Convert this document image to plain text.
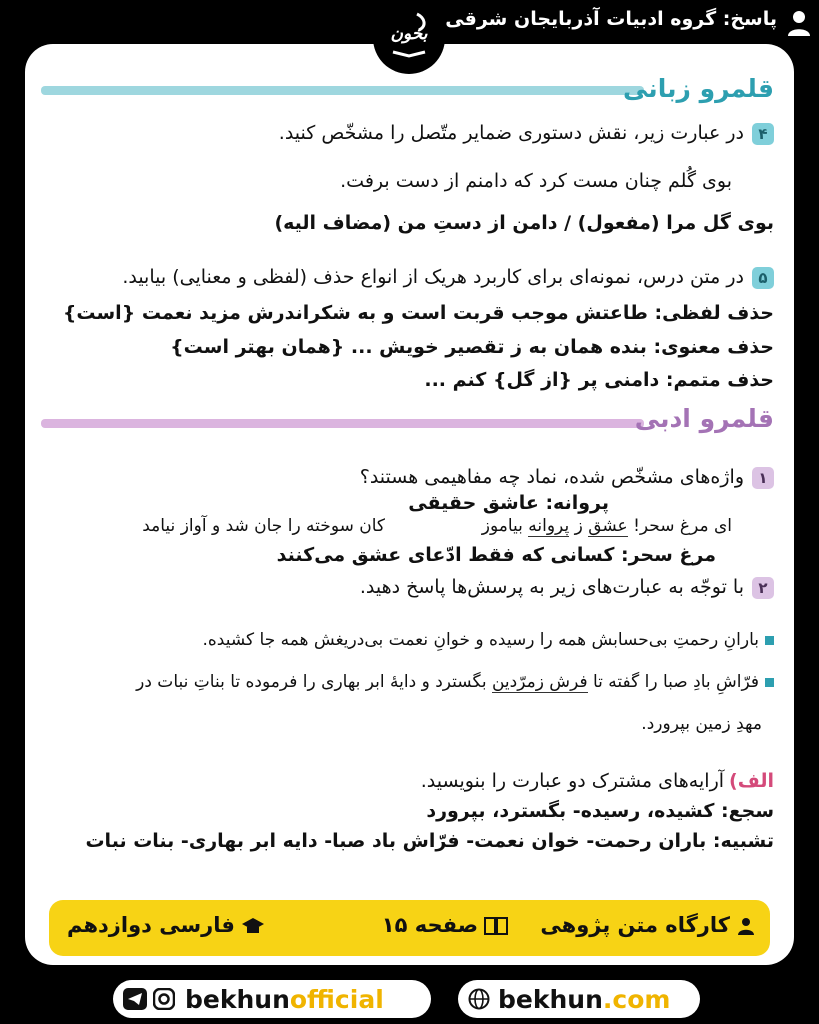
پاسخ: گروه ادبیات آذربایجان شرقی
بخون
قلمرو زبانی
۴در عبارت زیر، نقش دستوری ضمایر متّصل را مشخّص کنید.
بوی گُلم چنان مست کرد که دامنم از دست برفت.
بوی گل مرا (مفعول) / دامن از دستِ من (مضاف الیه)
۵در متن درس، نمونه‌ای برای کاربرد هریک از انواع حذف (لفظی و معنایی) بیابید.
حذف لفظی: طاعتش موجب قربت است و به شکراندرش مزید نعمت {است}
حذف معنوی: بنده همان به ز تقصیر خویش ... {همان بهتر است}
حذف متمم: دامنی پر {از گل} کنم ...
قلمرو ادبی
۱واژه‌های مشخّص شده، نماد چه مفاهیمی هستند؟
پروانه: عاشق حقیقی
ای مرغ سحر! عشق ز پروانه بیاموز
کان سوخته را جان شد و آواز نیامد
مرغ سحر: کسانی که فقط ادّعای عشق می‌کنند
۲با توجّه به عبارت‌های زیر به پرسش‌ها پاسخ دهید.
بارانِ رحمتِ بی‌حسابش همه را رسیده و خوانِ نعمت بی‌دریغش همه جا کشیده.
فرّاشِ بادِ صبا را گفته تا فرش زمرّدین بگسترد و دایهٔ ابر بهاری را فرموده تا بناتِ نبات در
مهدِ زمین بپرورد.
الف)آرایه‌های مشترک دو عبارت را بنویسید.
سجع: کشیده، رسیده- بگسترد، بپرورد
تشبیه: باران رحمت- خوان نعمت- فرّاش باد صبا- دایه ابر بهاری- بنات نبات
کارگاه متن پژوهی
صفحه ۱۵
فارسی دوازدهم
bekhunofficial	bekhun.com
